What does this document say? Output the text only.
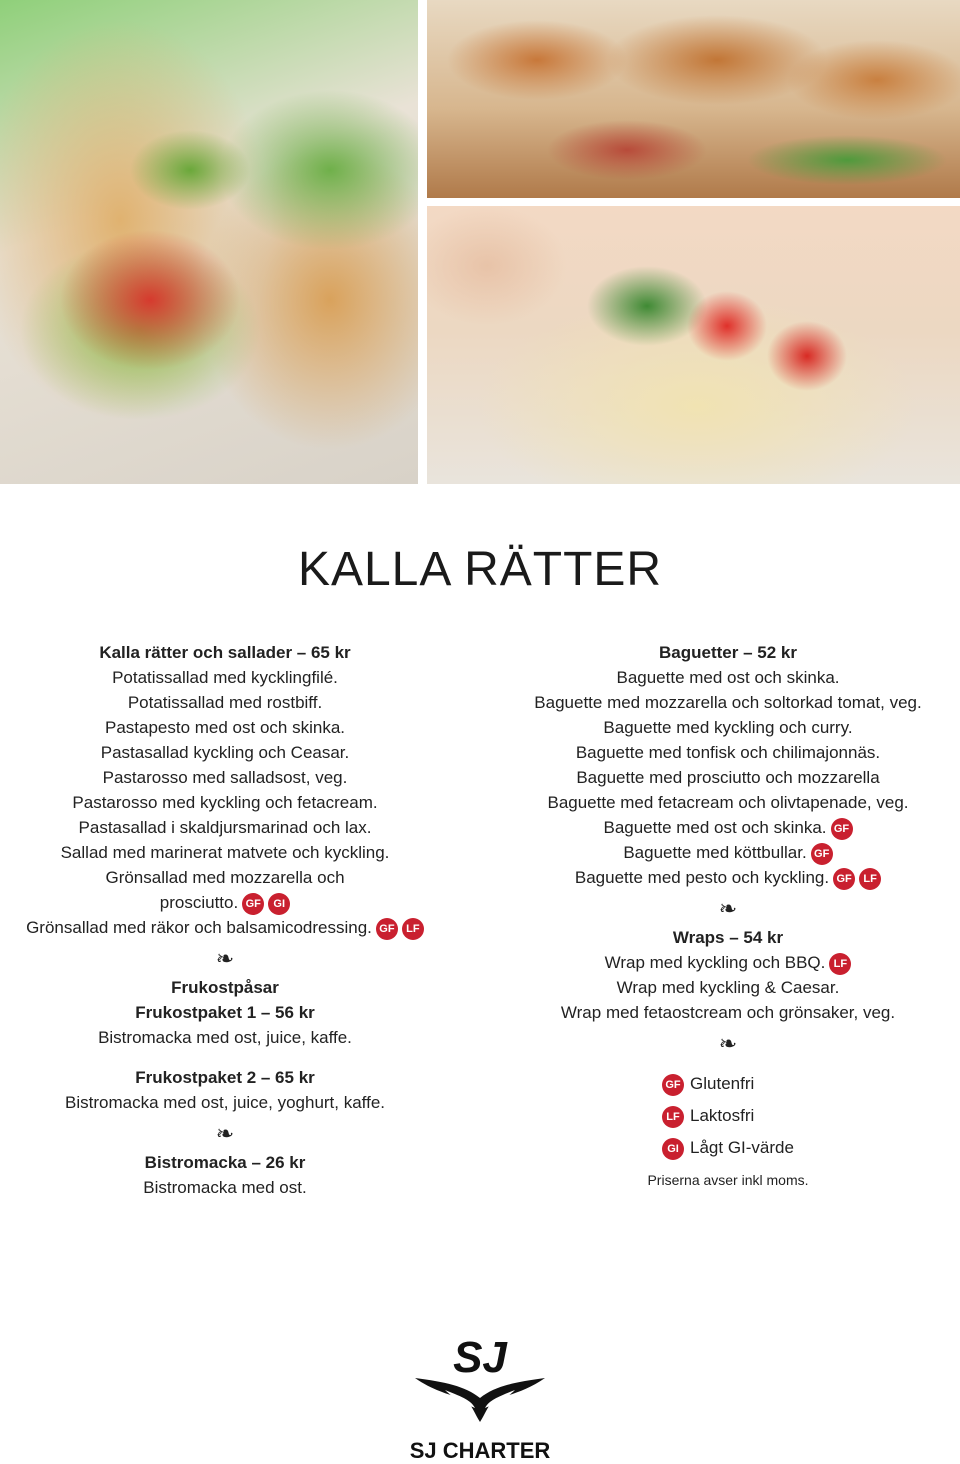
KALLA RÄTTER
Kalla rätter och sallader – 65 kr
Potatissallad med kycklingfilé.
Potatissallad med rostbiff.
Pastapesto med ost och skinka.
Pastasallad kyckling och Ceasar.
Pastarosso med salladsost, veg.
Pastarosso med kyckling och fetacream.
Pastasallad i skaldjursmarinad och lax.
Sallad med marinerat matvete och kyckling.
Grönsallad med mozzarella och
prosciutto. GF GI
Grönsallad med räkor och balsamicodressing. GF LF
❧
Frukostpåsar
Frukostpaket 1 – 56 kr
Bistromacka med ost, juice, kaffe.
Frukostpaket 2 – 65 kr
Bistromacka med ost, juice, yoghurt, kaffe.
❧
Bistromacka – 26 kr
Bistromacka med ost.
Baguetter – 52 kr
Baguette med ost och skinka.
Baguette med mozzarella och soltorkad tomat, veg.
Baguette med kyckling och curry.
Baguette med tonfisk och chilimajonnäs.
Baguette med prosciutto och mozzarella
Baguette med fetacream och olivtapenade, veg.
Baguette med ost och skinka. GF
Baguette med köttbullar. GF
Baguette med pesto och kyckling. GF LF
❧
Wraps – 54 kr
Wrap med kyckling och BBQ. LF
Wrap med kyckling & Caesar.
Wrap med fetaostcream och grönsaker, veg.
❧
GF Glutenfri
LF Laktosfri
GI Lågt GI-värde
Priserna avser inkl moms.
SJ
SJ CHARTER
